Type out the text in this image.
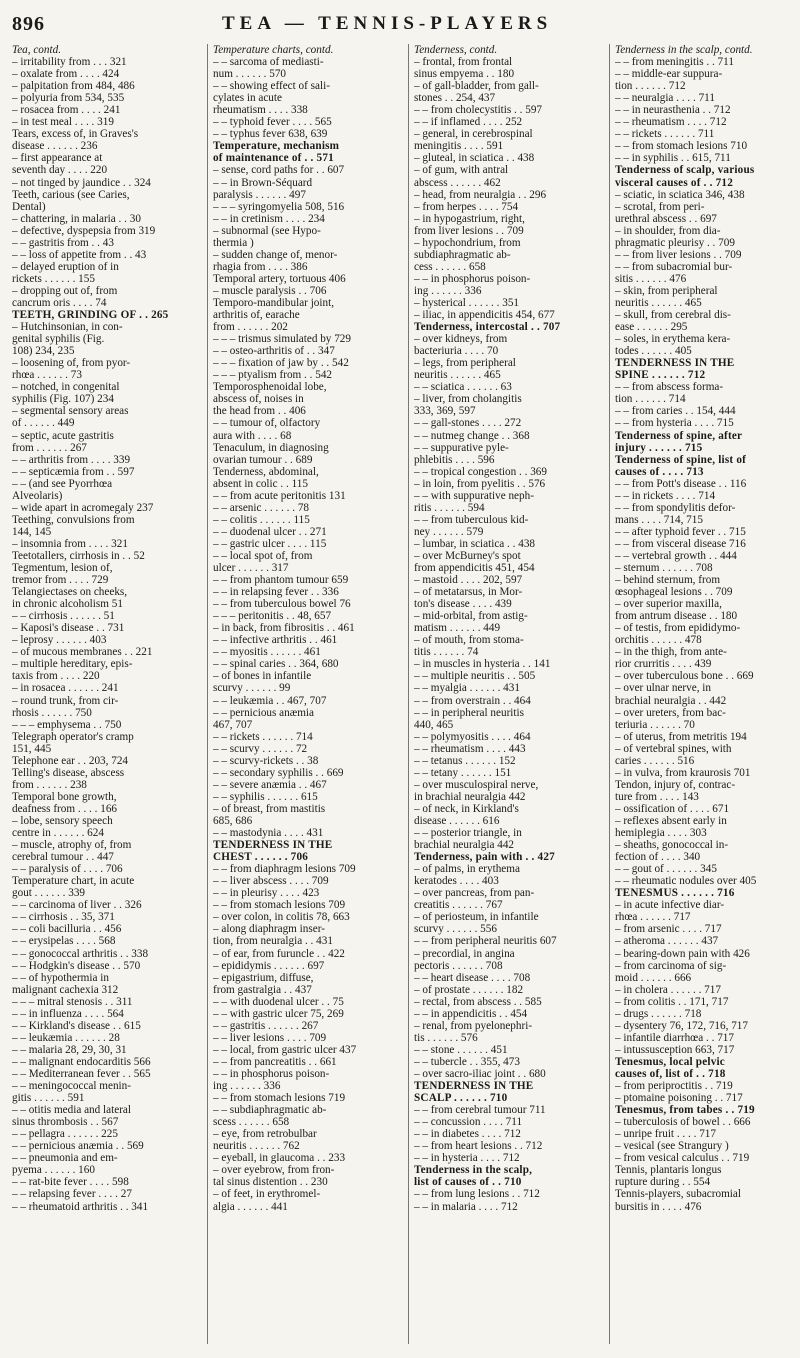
896	TEA — TENNIS-PLAYERS
Tea, contd.
– irritability from . . . 321
– oxalate from . . . . 424
– palpitation from 484, 486
– polyuria from 534, 535
– rosacea from . . . . 241
– in test meal . . . . 319
Tears, excess of, in Graves's
disease . . . . . . 236
– first appearance at
seventh day . . . . 220
– not tinged by jaundice . . 324
Teeth, carious (see Caries,
Dental)
– chattering, in malaria . . 30
– defective, dyspepsia from 319
– – gastritis from . . 43
– – loss of appetite from . . 43
– delayed eruption of in
rickets . . . . . . 155
– dropping out of, from
cancrum oris . . . . 74
TEETH, GRINDING OF . . 265
– Hutchinsonian, in con-
genital syphilis (Fig.
108) 234, 235
– loosening of, from pyor-
rhœa . . . . . . 73
– notched, in congenital
syphilis (Fig. 107) 234
– segmental sensory areas
of . . . . . . 449
– septic, acute gastritis
from . . . . . . 267
– – arthritis from . . . . 339
– – septicæmia from . . 597
– – (and see Pyorrhœa
Alveolaris)
– wide apart in acromegaly 237
Teething, convulsions from
144, 145
– insomnia from . . . . 321
Teetotallers, cirrhosis in . . 52
Tegmentum, lesion of,
tremor from . . . . 729
Telangiectases on cheeks,
in chronic alcoholism 51
– – cirrhosis . . . . . . 51
– Kaposi's disease . . 731
– leprosy . . . . . . 403
– of mucous membranes . . 221
– multiple hereditary, epis-
taxis from . . . . 220
– in rosacea . . . . . . 241
– round trunk, from cir-
rhosis . . . . . . 750
– – – emphysema . . 750
Telegraph operator's cramp
151, 445
Telephone ear . . 203, 724
Telling's disease, abscess
from . . . . . . 238
Temporal bone growth,
deafness from . . . . 166
– lobe, sensory speech
centre in . . . . . . 624
– muscle, atrophy of, from
cerebral tumour . . 447
– – paralysis of . . . . 706
Temperature chart, in acute
gout . . . . . . 339
– – carcinoma of liver . . 326
– – cirrhosis . . 35, 371
– – coli bacilluria . . 456
– – erysipelas . . . . 568
– – gonococcal arthritis . . 338
– – Hodgkin's disease . . 570
– – of hypothermia in
malignant cachexia 312
– – – mitral stenosis . . 311
– – in influenza . . . . 564
– – Kirkland's disease . . 615
– – leukæmia . . . . . . 28
– – malaria 28, 29, 30, 31
– – malignant endocarditis 566
– – Mediterranean fever . . 565
– – meningococcal menin-
gitis . . . . . . 591
– – otitis media and lateral
sinus thrombosis . . 567
– – pellagra . . . . . . 225
– – pernicious anæmia . . 569
– – pneumonia and em-
pyema . . . . . . 160
– – rat-bite fever . . . . 598
– – relapsing fever . . . . 27
– – rheumatoid arthritis . . 341
Temperature charts, contd.
– – sarcoma of mediasti-
num . . . . . . 570
– – showing effect of sali-
cylates in acute
rheumatism . . . . 338
– – typhoid fever . . . . 565
– – typhus fever 638, 639
Temperature, mechanism
of maintenance of . . 571
– sense, cord paths for . . 607
– – in Brown-Séquard
paralysis . . . . . . 497
– – – syringomyelia 508, 516
– – in cretinism . . . . 234
– subnormal (see Hypo-
thermia )
– sudden change of, menor-
rhagia from . . . . 386
Temporal artery, tortuous 406
– muscle paralysis . . 706
Temporo-mandibular joint,
arthritis of, earache
from . . . . . . 202
– – – trismus simulated by 729
– – osteo-arthritis of . . 347
– – – fixation of jaw by . . 542
– – – ptyalism from . . 542
Temporosphenoidal lobe,
abscess of, noises in
the head from . . 406
– – tumour of, olfactory
aura with . . . . 68
Tenaculum, in diagnosing
ovarian tumour . . 689
Tenderness, abdominal,
absent in colic . . 115
– – from acute peritonitis 131
– – arsenic . . . . . . 78
– – colitis . . . . . . 115
– – duodenal ulcer . . 271
– – gastric ulcer . . . . 115
– – local spot of, from
ulcer . . . . . . 317
– – from phantom tumour 659
– – in relapsing fever . . 336
– – from tuberculous bowel 76
– – – peritonitis . . 48, 657
– in back, from fibrositis . . 461
– – infective arthritis . . 461
– – myositis . . . . . . 461
– – spinal caries . . 364, 680
– of bones in infantile
scurvy . . . . . . 99
– – leukæmia . . 467, 707
– – pernicious anæmia
467, 707
– – rickets . . . . . . 714
– – scurvy . . . . . . 72
– – scurvy-rickets . . 38
– – secondary syphilis . . 669
– – severe anæmia . . 467
– – syphilis . . . . . . 615
– of breast, from mastitis
685, 686
– – mastodynia . . . . 431
TENDERNESS IN THE
CHEST . . . . . . 706
– – from diaphragm lesions 709
– – liver abscess . . . . 709
– – in pleurisy . . . . 423
– – from stomach lesions 709
– over colon, in colitis 78, 663
– along diaphragm inser-
tion, from neuralgia . . 431
– of ear, from furuncle . . 422
– epididymis . . . . . . 697
– epigastrium, diffuse,
from gastralgia . . 437
– – with duodenal ulcer . . 75
– – with gastric ulcer 75, 269
– – gastritis . . . . . . 267
– – liver lesions . . . . 709
– – local, from gastric ulcer 437
– – from pancreatitis . . 661
– – in phosphorus poison-
ing . . . . . . 336
– – from stomach lesions 719
– – subdiaphragmatic ab-
scess . . . . . . 658
– eye, from retrobulbar
neuritis . . . . . . 762
– eyeball, in glaucoma . . 233
– over eyebrow, from fron-
tal sinus distention . . 230
– of feet, in erythromel-
algia . . . . . . 441
Tenderness, contd.
– frontal, from frontal
sinus empyema . . 180
– of gall-bladder, from gall-
stones . . 254, 437
– – from cholecystitis . . 597
– – if inflamed . . . . 252
– general, in cerebrospinal
meningitis . . . . 591
– gluteal, in sciatica . . 438
– of gum, with antral
abscess . . . . . . 462
– head, from neuralgia . . 296
– from herpes . . . . 754
– in hypogastrium, right,
from liver lesions . . 709
– hypochondrium, from
subdiaphragmatic ab-
cess . . . . . . 658
– – in phosphorus poison-
ing . . . . . . 336
– hysterical . . . . . . 351
– iliac, in appendicitis 454, 677
Tenderness, intercostal . . 707
– over kidneys, from
bacteriuria . . . . 70
– legs, from peripheral
neuritis . . . . . . 465
– – sciatica . . . . . . 63
– liver, from cholangitis
333, 369, 597
– – gall-stones . . . . 272
– – nutmeg change . . 368
– – suppurative pyle-
phlebitis . . . . 596
– – tropical congestion . . 369
– in loin, from pyelitis . . 576
– – with suppurative neph-
ritis . . . . . . 594
– – from tuberculous kid-
ney . . . . . . 579
– lumbar, in sciatica . . 438
– over McBurney's spot
from appendicitis 451, 454
– mastoid . . . . 202, 597
– of metatarsus, in Mor-
ton's disease . . . . 439
– mid-orbital, from astig-
matism . . . . . . 449
– of mouth, from stoma-
titis . . . . . . 74
– in muscles in hysteria . . 141
– – multiple neuritis . . 505
– – myalgia . . . . . . 431
– – from overstrain . . 464
– – in peripheral neuritis
440, 465
– – polymyositis . . . . 464
– – rheumatism . . . . 443
– – tetanus . . . . . . 152
– – tetany . . . . . . 151
– over musculospiral nerve,
in brachial neuralgia 442
– of neck, in Kirkland's
disease . . . . . . 616
– – posterior triangle, in
brachial neuralgia 442
Tenderness, pain with . . 427
– of palms, in erythema
keratodes . . . . 403
– over pancreas, from pan-
creatitis . . . . . . 767
– of periosteum, in infantile
scurvy . . . . . . 556
– – from peripheral neuritis 607
– precordial, in angina
pectoris . . . . . . 708
– – heart disease . . . . 708
– of prostate . . . . . . 182
– rectal, from abscess . . 585
– – in appendicitis . . 454
– renal, from pyelonephri-
tis . . . . . . 576
– – stone . . . . . . 451
– – tubercle . . 355, 473
– over sacro-iliac joint . . 680
TENDERNESS IN THE
SCALP . . . . . . 710
– – from cerebral tumour 711
– – concussion . . . . 711
– – in diabetes . . . . 712
– – from heart lesions . . 712
– – in hysteria . . . . 712
Tenderness in the scalp,
list of causes of . . 710
– – from lung lesions . . 712
– – in malaria . . . . 712
Tenderness in the scalp, contd.
– – from meningitis . . 711
– – middle-ear suppura-
tion . . . . . . 712
– – neuralgia . . . . 711
– – in neurasthenia . . 712
– – rheumatism . . . . 712
– – rickets . . . . . . 711
– – from stomach lesions 710
– – in syphilis . . 615, 711
Tenderness of scalp, various
visceral causes of . . 712
– sciatic, in sciatica 346, 438
– scrotal, from peri-
urethral abscess . . 697
– in shoulder, from dia-
phragmatic pleurisy . . 709
– – from liver lesions . . 709
– – from subacromial bur-
sitis . . . . . . 476
– skin, from peripheral
neuritis . . . . . . 465
– skull, from cerebral dis-
ease . . . . . . 295
– soles, in erythema kera-
todes . . . . . . 405
TENDERNESS IN THE
SPINE . . . . . . 712
– – from abscess forma-
tion . . . . . . 714
– – from caries . . 154, 444
– – from hysteria . . . . 715
Tenderness of spine, after
injury . . . . . . 715
Tenderness of spine, list of
causes of . . . . 713
– – from Pott's disease . . 116
– – in rickets . . . . 714
– – from spondylitis defor-
mans . . . . 714, 715
– – after typhoid fever . . 715
– – from visceral disease 716
– – vertebral growth . . 444
– sternum . . . . . . 708
– behind sternum, from
œsophageal lesions . . 709
– over superior maxilla,
from antrum disease . . 180
– of testis, from epididymo-
orchitis . . . . . . 478
– in the thigh, from ante-
rior crurritis . . . . 439
– over tuberculous bone . . 669
– over ulnar nerve, in
brachial neuralgia . . 442
– over ureters, from bac-
teriuria . . . . . . 70
– of uterus, from metritis 194
– of vertebral spines, with
caries . . . . . . 516
– in vulva, from kraurosis 701
Tendon, injury of, contrac-
ture from . . . . 143
– ossification of . . . . 671
– reflexes absent early in
hemiplegia . . . . 303
– sheaths, gonococcal in-
fection of . . . . 340
– – gout of . . . . . . 345
– – rheumatic nodules over 405
TENESMUS . . . . . . 716
– in acute infective diar-
rhœa . . . . . . 717
– from arsenic . . . . 717
– atheroma . . . . . . 437
– bearing-down pain with 426
– from carcinoma of sig-
moid . . . . . . 666
– in cholera . . . . . . 717
– from colitis . . 171, 717
– drugs . . . . . . 718
– dysentery 76, 172, 716, 717
– infantile diarrhœa . . 717
– intussusception 663, 717
Tenesmus, local pelvic
causes of, list of . . 718
– from periproctitis . . 719
– ptomaine poisoning . . 717
Tenesmus, from tabes . . 719
– tuberculosis of bowel . . 666
– unripe fruit . . . . 717
– vesical (see Strangury )
– from vesical calculus . . 719
Tennis, plantaris longus
rupture during . . 554
Tennis-players, subacromial
bursitis in . . . . 476
